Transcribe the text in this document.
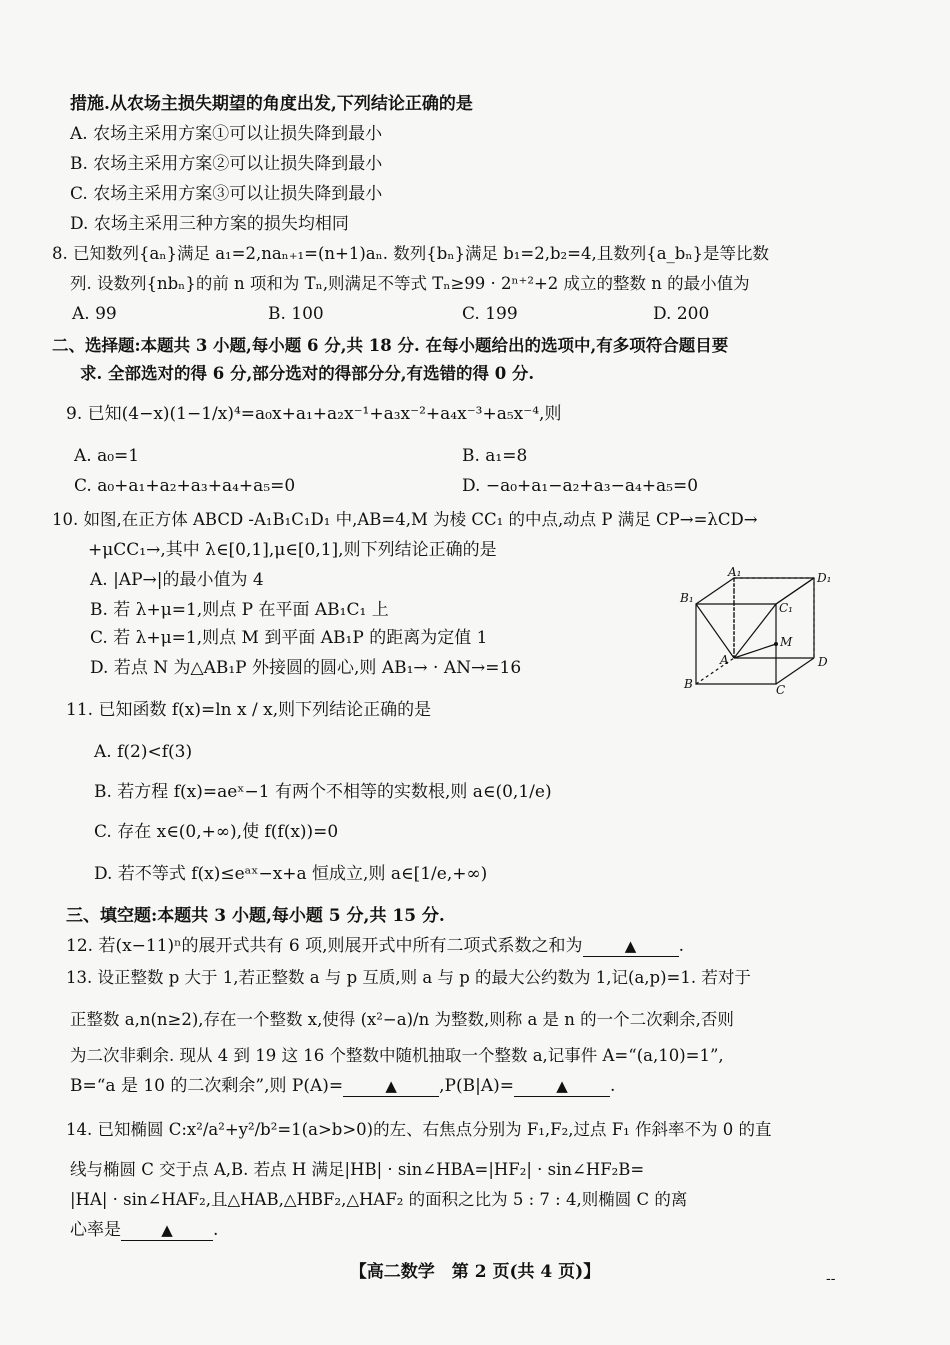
措施.从农场主损失期望的角度出发,下列结论正确的是
A. 农场主采用方案①可以让损失降到最小
B. 农场主采用方案②可以让损失降到最小
C. 农场主采用方案③可以让损失降到最小
D. 农场主采用三种方案的损失均相同
8. 已知数列{aₙ}满足 a₁=2,naₙ₊₁=(n+1)aₙ. 数列{bₙ}满足 b₁=2,b₂=4,且数列{a_bₙ}是等比数
列. 设数列{nbₙ}的前 n 项和为 Tₙ,则满足不等式 Tₙ≥99 · 2ⁿ⁺²+2 成立的整数 n 的最小值为
A. 99	B. 100	C. 199	D. 200
二、选择题:本题共 3 小题,每小题 6 分,共 18 分. 在每小题给出的选项中,有多项符合题目要
求. 全部选对的得 6 分,部分选对的得部分分,有选错的得 0 分.
9. 已知(4−x)(1−1/x)⁴=a₀x+a₁+a₂x⁻¹+a₃x⁻²+a₄x⁻³+a₅x⁻⁴,则
A. a₀=1	B. a₁=8
C. a₀+a₁+a₂+a₃+a₄+a₅=0	D. −a₀+a₁−a₂+a₃−a₄+a₅=0
10. 如图,在正方体 ABCD -A₁B₁C₁D₁ 中,AB=4,M 为棱 CC₁ 的中点,动点 P 满足 CP→=λCD→
+μCC₁→,其中 λ∈[0,1],μ∈[0,1],则下列结论正确的是
A. |AP→|的最小值为 4
B. 若 λ+μ=1,则点 P 在平面 AB₁C₁ 上
C. 若 λ+μ=1,则点 M 到平面 AB₁P 的距离为定值 1
D. 若点 N 为△AB₁P 外接圆的圆心,则 AB₁→ · AN→=16
A₁	D₁
B₁
C₁
M
A	D
B	C
11. 已知函数 f(x)=ln x / x,则下列结论正确的是
A. f(2)<f(3)
B. 若方程 f(x)=aeˣ−1 有两个不相等的实数根,则 a∈(0,1/e)
C. 存在 x∈(0,+∞),使 f(f(x))=0
D. 若不等式 f(x)≤eᵃˣ−x+a 恒成立,则 a∈[1/e,+∞)
三、填空题:本题共 3 小题,每小题 5 分,共 15 分.
12. 若(x−11)ⁿ的展开式共有 6 项,则展开式中所有二项式系数之和为	▲ .
13. 设正整数 p 大于 1,若正整数 a 与 p 互质,则 a 与 p 的最大公约数为 1,记(a,p)=1. 若对于
正整数 a,n(n≥2),存在一个整数 x,使得 (x²−a)/n 为整数,则称 a 是 n 的一个二次剩余,否则
为二次非剩余. 现从 4 到 19 这 16 个整数中随机抽取一个整数 a,记事件 A=“(a,10)=1”,
B=“a 是 10 的二次剩余”,则 P(A)=	▲ ,P(B|A)=	▲ .
14. 已知椭圆 C:x²/a²+y²/b²=1(a>b>0)的左、右焦点分别为 F₁,F₂,过点 F₁ 作斜率不为 0 的直
线与椭圆 C 交于点 A,B. 若点 H 满足|HB| · sin∠HBA=|HF₂| · sin∠HF₂B=
|HA| · sin∠HAF₂,且△HAB,△HBF₂,△HAF₂ 的面积之比为 5 : 7 : 4,则椭圆 C 的离
心率是	▲ .
【高二数学　第 2 页(共 4 页)】	--
